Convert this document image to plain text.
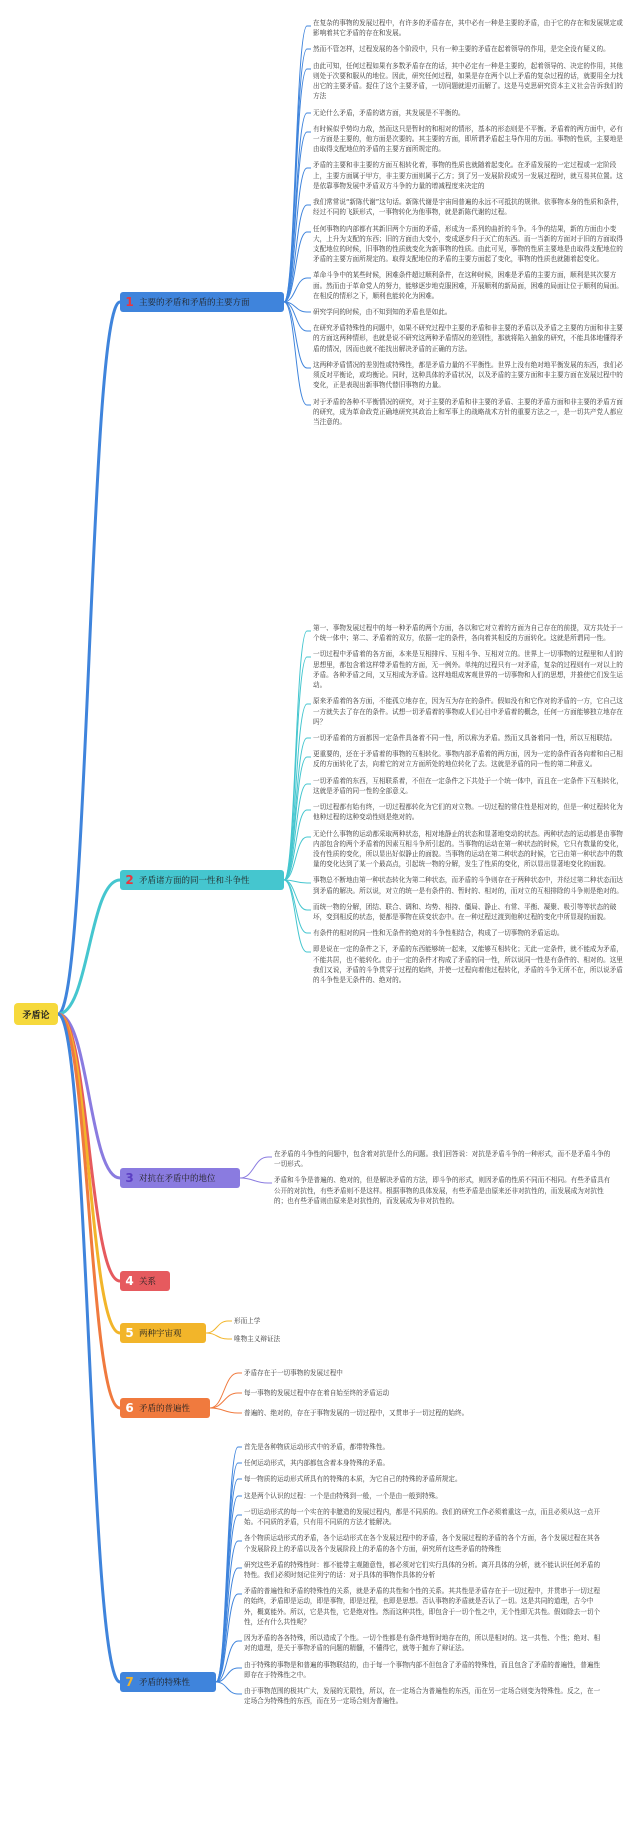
矛盾论
1 主要的矛盾和矛盾的主要方面
2 矛盾诸方面的同一性和斗争性
3 对抗在矛盾中的地位
4 关系
5 两种宇宙观
6 矛盾的普遍性
7 矛盾的特殊性
在复杂的事物的发展过程中，有许多的矛盾存在，其中必有一种是主要的矛盾，由于它的存在和发展规定或影响着其它矛盾的存在和发展。
然而不管怎样，过程发展的各个阶段中，只有一种主要的矛盾在起着领导的作用，是完全没有疑义的。
由此可知，任何过程如果有多数矛盾存在的话，其中必定有一种是主要的，起着领导的、决定的作用，其他则处于次要和服从的地位。因此，研究任何过程，如果是存在两个以上矛盾的复杂过程的话，就要用全力找出它的主要矛盾。捉住了这个主要矛盾，一切问题就迎刃而解了。这是马克思研究资本主义社会告诉我们的方法
无论什么矛盾，矛盾的诸方面，其发展是不平衡的。
有时候似乎势均力敌，然而这只是暂时的和相对的情形，基本的形态则是不平衡。矛盾着的两方面中，必有一方面是主要的，他方面是次要的。其主要的方面，即所谓矛盾起主导作用的方面。事物的性质，主要地是由取得支配地位的矛盾的主要方面所规定的。
矛盾的主要和非主要的方面互相转化着，事物的性质也就随着起变化。在矛盾发展的一定过程或一定阶段上，主要方面属于甲方，非主要方面则属于乙方；到了另一发展阶段或另一发展过程时，就互易其位置。这是依靠事物发展中矛盾双方斗争的力量的增减程度来决定的
我们常常说“新陈代谢”这句话。新陈代谢是宇宙间普遍的永远不可抵抗的规律。依事物本身的性质和条件，经过不同的飞跃形式，一事物转化为他事物，就是新陈代谢的过程。
任何事物的内部都有其新旧两个方面的矛盾，形成为一系列的曲折的斗争。斗争的结果，新的方面由小变大，上升为支配的东西；旧的方面由大变小，变成逐步归于灭亡的东西。而一当新的方面对于旧的方面取得支配地位的时候，旧事物的性质就变化为新事物的性质。由此可见，事物的性质主要地是由取得支配地位的矛盾的主要方面所规定的。取得支配地位的矛盾的主要方面起了变化，事物的性质也就随着起变化。
革命斗争中的某些时候，困难条件超过顺利条件，在这种时候，困难是矛盾的主要方面，顺利是其次要方面。然而由于革命党人的努力，能够逐步地克服困难，开展顺利的新局面，困难的局面让位于顺利的局面。在相反的情形之下，顺利也能转化为困难。
研究学问的时候，由不知到知的矛盾也是如此。
在研究矛盾特殊性的问题中，如果不研究过程中主要的矛盾和非主要的矛盾以及矛盾之主要的方面和非主要的方面这两种情形，也就是说不研究这两种矛盾情况的差别性，那就将陷入抽象的研究，不能具体地懂得矛盾的情况，因而也就不能找出解决矛盾的正确的方法。
这两种矛盾情况的差别性或特殊性，都是矛盾力量的不平衡性。世界上没有绝对地平衡发展的东西，我们必须反对平衡论，或均衡论。同时，这种具体的矛盾状况，以及矛盾的主要方面和非主要方面在发展过程中的变化，正是表现出新事物代替旧事物的力量。
对于矛盾的各种不平衡情况的研究，对于主要的矛盾和非主要的矛盾、主要的矛盾方面和非主要的矛盾方面的研究，成为革命政党正确地研究其政治上和军事上的战略战术方针的重要方法之一，是一切共产党人都应当注意的。
第一、事物发展过程中的每一种矛盾的两个方面，各以和它对立着的方面为自己存在的前提，双方共处于一个统一体中；第二、矛盾着的双方，依据一定的条件，各向着其相反的方面转化。这就是所谓同一性。
一切过程中矛盾着的各方面，本来是互相排斥、互相斗争、互相对立的。世界上一切事物的过程里和人们的思想里，都包含着这样带矛盾性的方面，无一例外。单纯的过程只有一对矛盾，复杂的过程则有一对以上的矛盾。各种矛盾之间，又互相成为矛盾。这样地组成客观世界的一切事物和人们的思想，并推使它们发生运动。
原来矛盾着的各方面，不能孤立地存在，因为互为存在的条件。假如没有和它作对的矛盾的一方，它自己这一方就失去了存在的条件。试想一切矛盾着的事物或人们心目中矛盾着的概念，任何一方面能够独立地存在吗？
一切矛盾着的方面都因一定条件具备着不同一性，所以称为矛盾。然而又具备着同一性，所以互相联结。
更重要的，还在于矛盾着的事物的互相转化。事物内部矛盾着的两方面，因为一定的条件而各向着和自己相反的方面转化了去，向着它的对立方面所处的地位转化了去。这就是矛盾的同一性的第二种意义。
一切矛盾着的东西，互相联系着，不但在一定条件之下共处于一个统一体中，而且在一定条件下互相转化，这就是矛盾的同一性的全部意义。
一切过程都有始有终，一切过程都转化为它们的对立物。一切过程的常住性是相对的，但是一种过程转化为他种过程的这种变动性则是绝对的。
无论什么事物的运动都采取两种状态，相对地静止的状态和显著地变动的状态。两种状态的运动都是由事物内部包含的两个矛盾着的因素互相斗争所引起的。当事物的运动在第一种状态的时候，它只有数量的变化，没有性质的变化，所以显出好似静止的面貌。当事物的运动在第二种状态的时候，它已由第一种状态中的数量的变化达到了某一个最高点，引起统一物的分解，发生了性质的变化，所以显出显著地变化的面貌。
事物总不断地由第一种状态转化为第二种状态，而矛盾的斗争则存在于两种状态中，并经过第二种状态而达到矛盾的解决。所以说，对立的统一是有条件的、暂时的、相对的，而对立的互相排除的斗争则是绝对的。
而统一物的分解，团结、联合、调和、均势、相持、僵局、静止、有常、平衡、凝聚、吸引等等状态的破坏，变到相反的状态，便都是事物在质变状态中。在一种过程过渡到他种过程的变化中所显现的面貌。
有条件的相对的同一性和无条件的绝对的斗争性相结合，构成了一切事物的矛盾运动。
即是说在一定的条件之下，矛盾的东西能够统一起来，又能够互相转化；无此一定条件，就不能成为矛盾，不能共居，也不能转化。由于一定的条件才构成了矛盾的同一性，所以说同一性是有条件的、相对的。这里我们又说，矛盾的斗争贯穿于过程的始终，并使一过程向着他过程转化，矛盾的斗争无所不在，所以说矛盾的斗争性是无条件的、绝对的。
在矛盾的斗争性的问题中，包含着对抗是什么的问题。我们回答说：对抗是矛盾斗争的一种形式，而不是矛盾斗争的一切形式。
矛盾和斗争是普遍的、绝对的，但是解决矛盾的方法，即斗争的形式，则因矛盾的性质不同而不相同。有些矛盾具有公开的对抗性，有些矛盾则不是这样。根据事物的具体发展，有些矛盾是由原来还非对抗性的，而发展成为对抗性的；也有些矛盾则由原来是对抗性的，而发展成为非对抗性的。
形而上学
唯物主义辩证法
矛盾存在于一切事物的发展过程中
每一事物的发展过程中存在着自始至终的矛盾运动
普遍的、绝对的，存在于事物发展的一切过程中，又贯串于一切过程的始终。
首先是各种物质运动形式中的矛盾，都带特殊性。
任何运动形式，其内部都包含着本身特殊的矛盾。
每一物质的运动形式所具有的特殊的本质，为它自己的特殊的矛盾所规定。
这是两个认识的过程：一个是由特殊到一般，一个是由一般到特殊。
一切运动形式的每一个实在的非臆造的发展过程内，都是不同质的。我们的研究工作必须着重这一点，而且必须从这一点开始。不同质的矛盾，只有用不同质的方法才能解决。
各个物质运动形式的矛盾，各个运动形式在各个发展过程中的矛盾，各个发展过程的矛盾的各个方面，各个发展过程在其各个发展阶段上的矛盾以及各个发展阶段上的矛盾的各个方面，研究所有这些矛盾的特殊性
研究这些矛盾的特殊性时：都不能带主观随意性，都必须对它们实行具体的分析。离开具体的分析，就不能认识任何矛盾的特性。我们必须时刻记住列宁的话：对于具体的事物作具体的分析
矛盾的普遍性和矛盾的特殊性的关系，就是矛盾的共性和个性的关系。其共性是矛盾存在于一切过程中，并贯串于一切过程的始终，矛盾即是运动，即是事物，即是过程，也即是思想。否认事物的矛盾就是否认了一切。这是共同的道理，古今中外，概莫能外。所以，它是共性，它是绝对性。然而这种共性，即包含于一切个性之中，无个性即无共性。假如除去一切个性，还有什么共性呢？
因为矛盾的各各特殊，所以造成了个性。一切个性都是有条件地暂时地存在的，所以是相对的。这一共性、个性；绝对、相对的道理，是关于事物矛盾的问题的精髓，不懂得它，就等于抛弃了辩证法。
由于特殊的事物是和普遍的事物联结的，由于每一个事物内部不但包含了矛盾的特殊性，而且包含了矛盾的普遍性，普遍性即存在于特殊性之中。
由于事物范围的极其广大，发展的无限性，所以，在一定场合为普遍性的东西，而在另一定场合则变为特殊性。反之，在一定场合为特殊性的东西，而在另一定场合则为普遍性。
